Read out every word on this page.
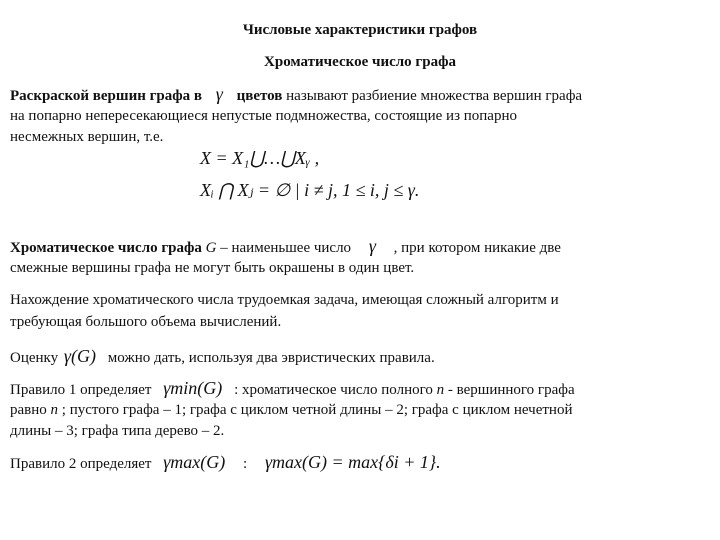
Числовые характеристики графов
Хроматическое число графа
Раскраской вершин графа в γ цветов называют разбиение множества вершин графа
на попарно непересекающиеся непустые подмножества, состоящие из попарно
несмежных вершин, т.е.
X = X₁⋃…⋃Xᵧ ,
Xᵢ ⋂ Xⱼ = ∅ | i ≠ j, 1 ≤ i, j ≤ γ.
Хроматическое число графа G – наименьшее число γ , при котором никакие две
смежные вершины графа не могут быть окрашены в один цвет.
Нахождение хроматического числа трудоемкая задача, имеющая сложный алгоритм и
требующая большого объема вычислений.
Оценку γ(G) можно дать, используя два эвристических правила.
Правило 1 определяет γmin(G) : хроматическое число полного n - вершинного графа
равно n ; пустого графа – 1; графа с циклом четной длины – 2; графа с циклом нечетной
длины – 3; графа типа дерево – 2.
Правило 2 определяет γmax(G) : γmax(G) = max{δi + 1}.
